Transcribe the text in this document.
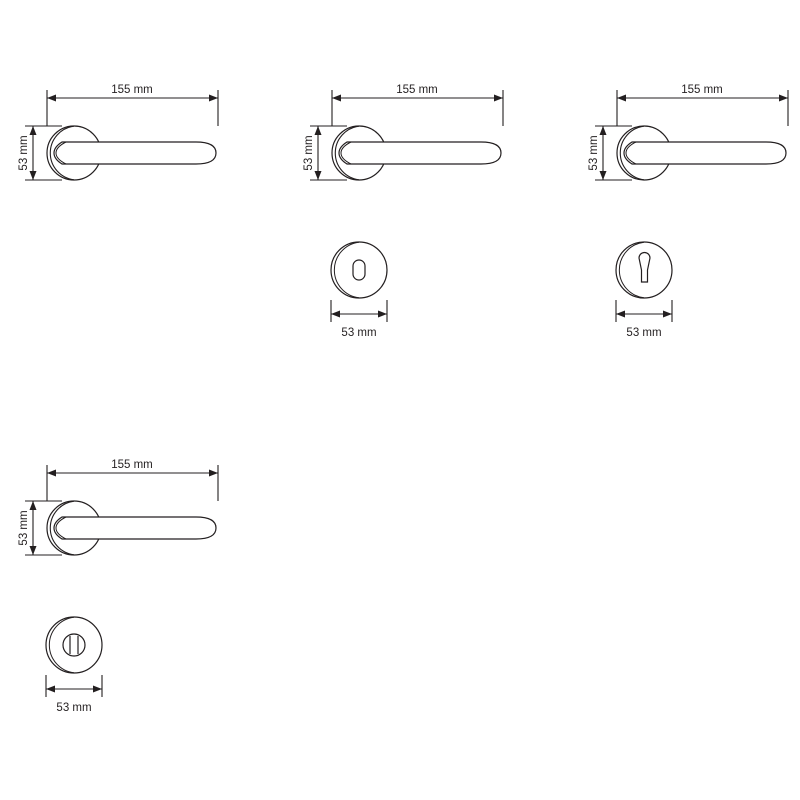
155 mm
53 mm
155 mm
53 mm
53 mm
155 mm
53 mm
53 mm
155 mm
53 mm
53 mm
